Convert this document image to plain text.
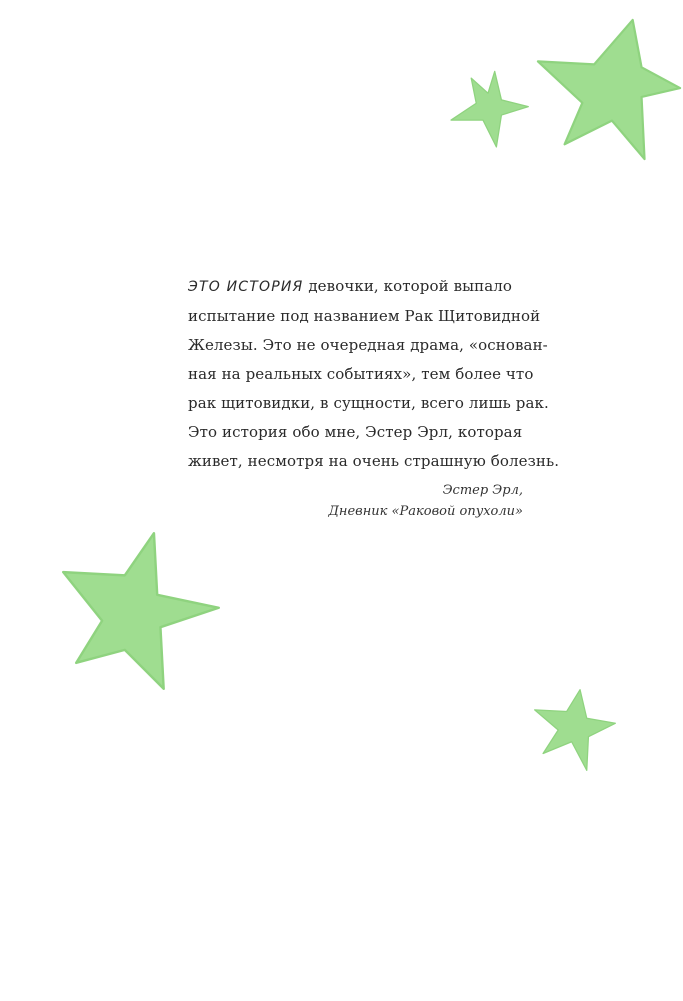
ЭТО ИСТОРИЯ девочки, которой выпало
испытание под названием Рак Щитовидной
Железы. Это не очередная драма, «основан-
ная на реальных событиях», тем более что
рак щитовидки, в сущности, всего лишь рак.
Это история обо мне, Эстер Эрл, которая
живет, несмотря на очень страшную болезнь.
Эстер Эрл,
Дневник «Раковой опухоли»
